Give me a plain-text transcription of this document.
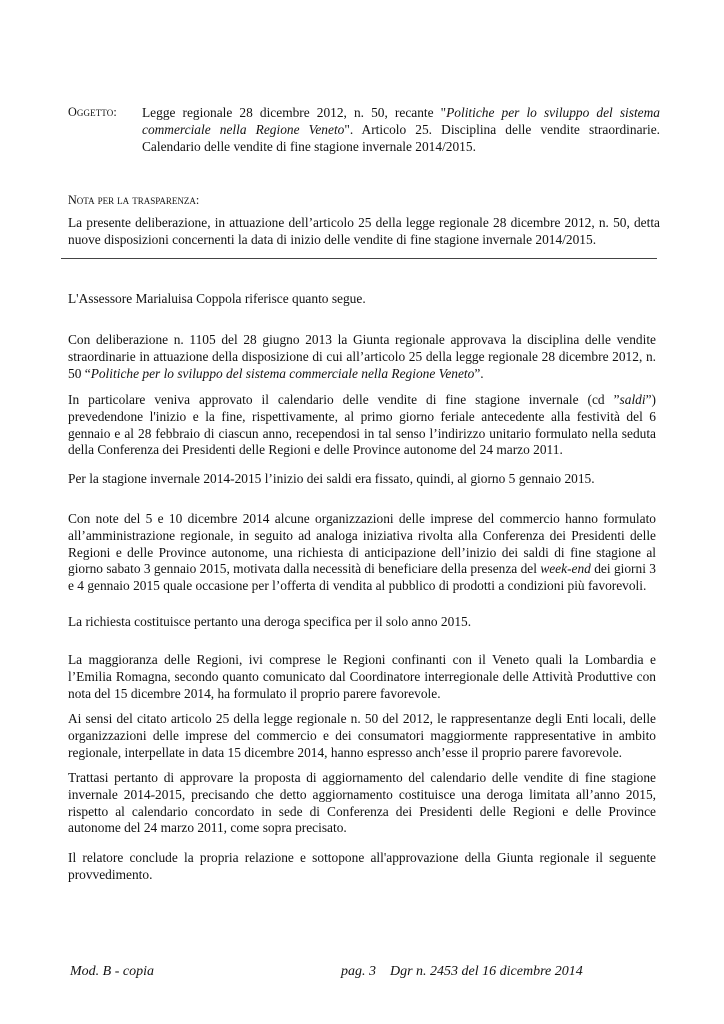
Oggetto:	Legge regionale 28 dicembre 2012, n. 50, recante "Politiche per lo sviluppo del sistema commerciale nella Regione Veneto". Articolo 25. Disciplina delle vendite straordinarie. Calendario delle vendite di fine stagione invernale 2014/2015.
Nota per la trasparenza:
La presente deliberazione, in attuazione dell’articolo 25 della legge regionale 28 dicembre 2012, n. 50, detta nuove disposizioni concernenti la data di inizio delle vendite di fine stagione invernale 2014/2015.

L'Assessore Marialuisa Coppola riferisce quanto segue.

Con deliberazione n. 1105 del 28 giugno 2013 la Giunta regionale approvava la disciplina delle vendite straordinarie in attuazione della disposizione di cui all’articolo 25 della legge regionale 28 dicembre 2012, n. 50 “Politiche per lo sviluppo del sistema commerciale nella Regione Veneto”.

In particolare veniva approvato il calendario delle vendite di fine stagione invernale (cd ”saldi”) prevedendone l'inizio e la fine, rispettivamente, al primo giorno feriale antecedente alla festività del 6 gennaio e al 28 febbraio di ciascun anno, recependosi in tal senso l’indirizzo unitario formulato nella seduta della Conferenza dei Presidenti delle Regioni e delle Province autonome del 24 marzo 2011.

Per la stagione invernale 2014-2015 l’inizio dei saldi era fissato, quindi, al giorno 5 gennaio 2015.

Con note del 5 e 10 dicembre 2014 alcune organizzazioni delle imprese del commercio hanno formulato all’amministrazione regionale, in seguito ad analoga iniziativa rivolta alla Conferenza dei Presidenti delle Regioni e delle Province autonome, una richiesta di anticipazione dell’inizio dei saldi di fine stagione al giorno sabato 3 gennaio 2015, motivata dalla necessità di beneficiare della presenza del week-end dei giorni 3 e 4 gennaio 2015 quale occasione per l’offerta di vendita al pubblico di prodotti a condizioni più favorevoli.

La richiesta costituisce pertanto una deroga specifica per il solo anno 2015.

La maggioranza delle Regioni, ivi comprese le Regioni confinanti con il Veneto quali la Lombardia e l’Emilia Romagna, secondo quanto comunicato dal Coordinatore interregionale delle Attività Produttive con nota del 15 dicembre 2014, ha formulato il proprio parere favorevole.

Ai sensi del citato articolo 25 della legge regionale n. 50 del 2012, le rappresentanze degli Enti locali, delle organizzazioni delle imprese del commercio e dei consumatori maggiormente rappresentative in ambito regionale, interpellate in data 15 dicembre 2014, hanno espresso anch’esse il proprio parere favorevole.

Trattasi pertanto di approvare la proposta di aggiornamento del calendario delle vendite di fine stagione invernale 2014-2015, precisando che detto aggiornamento costituisce una deroga limitata all’anno 2015, rispetto al calendario concordato in sede di Conferenza dei Presidenti delle Regioni e delle Province autonome del 24 marzo 2011, come sopra precisato.

Il relatore conclude la propria relazione e sottopone all'approvazione della Giunta regionale il seguente provvedimento.

Mod. B - copia	pag. 3 Dgr n. 2453 del 16 dicembre 2014
